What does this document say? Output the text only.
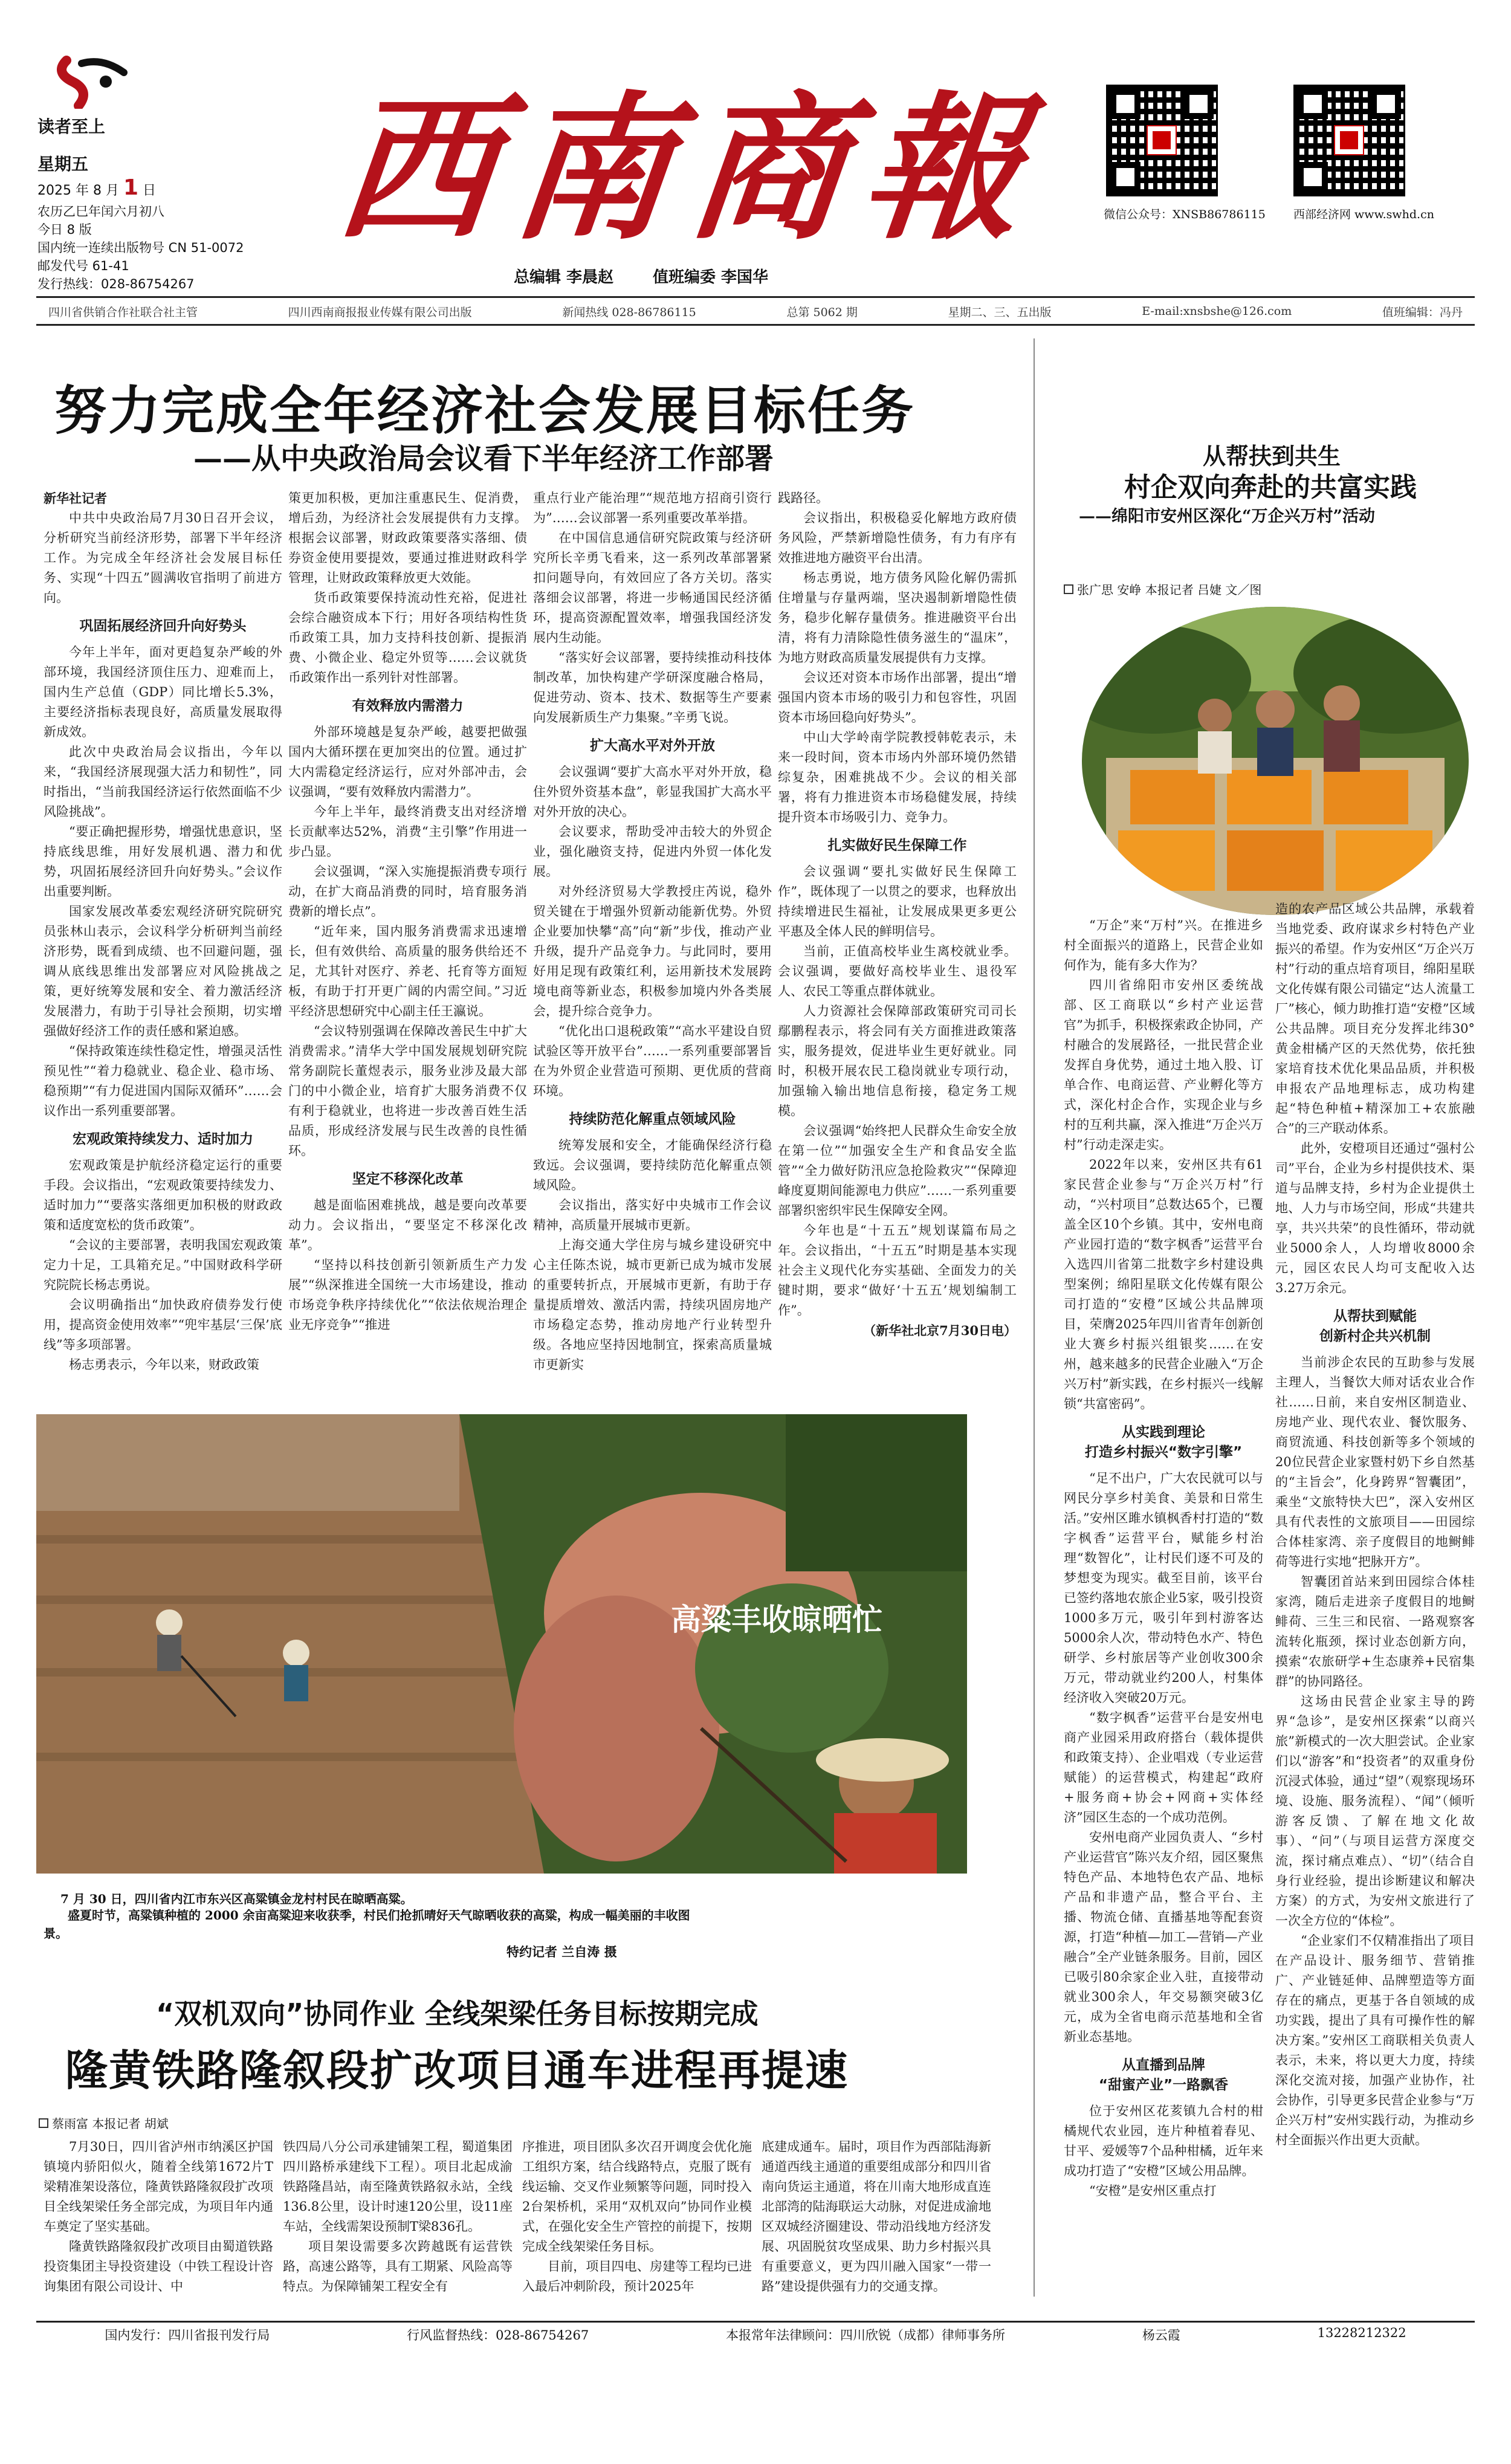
读者至上
星期五
2025 年 8 月 1 日
农历乙巳年闰六月初八
今日 8 版
国内统一连续出版物号 CN 51-0072
邮发代号 61-41
发行热线：028-86754267
西南商報
总编辑 李晨赵 值班编委 李国华
微信公众号：XNSB86786115 西部经济网 www.swhd.cn
四川省供销合作社联合社主管	四川西南商报报业传媒有限公司出版	新闻热线 028-86786115	总第 5062 期	星期二、三、五出版	E-mail:xnsbshe@126.com	值班编辑：冯丹
努力完成全年经济社会发展目标任务
——从中央政治局会议看下半年经济工作部署

新华社记者

中共中央政治局7月30日召开会议，分析研究当前经济形势，部署下半年经济工作。为完成全年经济社会发展目标任务、实现“十四五”圆满收官指明了前进方向。

巩固拓展经济回升向好势头

今年上半年，面对更趋复杂严峻的外部环境，我国经济顶住压力、迎难而上，国内生产总值（GDP）同比增长5.3%，主要经济指标表现良好，高质量发展取得新成效。

此次中央政治局会议指出，今年以来，“我国经济展现强大活力和韧性”，同时指出，“当前我国经济运行依然面临不少风险挑战”。

“要正确把握形势，增强忧患意识，坚持底线思维，用好发展机遇、潜力和优势，巩固拓展经济回升向好势头。”会议作出重要判断。

国家发展改革委宏观经济研究院研究员张林山表示，会议科学分析研判当前经济形势，既看到成绩、也不回避问题，强调从底线思维出发部署应对风险挑战之策，更好统筹发展和安全、着力激活经济发展潜力，有助于引导社会预期，切实增强做好经济工作的责任感和紧迫感。

“保持政策连续性稳定性，增强灵活性预见性”“着力稳就业、稳企业、稳市场、稳预期”“有力促进国内国际双循环”……会议作出一系列重要部署。

宏观政策持续发力、适时加力

宏观政策是护航经济稳定运行的重要手段。会议指出，“宏观政策要持续发力、适时加力”“要落实落细更加积极的财政政策和适度宽松的货币政策”。

“会议的主要部署，表明我国宏观政策定力十足，工具箱充足。”中国财政科学研究院院长杨志勇说。

会议明确指出“加快政府债券发行使用，提高资金使用效率”“兜牢基层‘三保’底线”等多项部署。

杨志勇表示，今年以来，财政政策

策更加积极，更加注重惠民生、促消费，增后劲，为经济社会发展提供有力支撑。根据会议部署，财政政策要落实落细、债券资金使用要提效，要通过推进财政科学管理，让财政政策释放更大效能。

货币政策要保持流动性充裕，促进社会综合融资成本下行；用好各项结构性货币政策工具，加力支持科技创新、提振消费、小微企业、稳定外贸等……会议就货币政策作出一系列针对性部署。

有效释放内需潜力

外部环境越是复杂严峻，越要把做强国内大循环摆在更加突出的位置。通过扩大内需稳定经济运行，应对外部冲击，会议强调，“要有效释放内需潜力”。

今年上半年，最终消费支出对经济增长贡献率达52%，消费“主引擎”作用进一步凸显。

会议强调，“深入实施提振消费专项行动，在扩大商品消费的同时，培育服务消费新的增长点”。

“近年来，国内服务消费需求迅速增长，但有效供给、高质量的服务供给还不足，尤其针对医疗、养老、托育等方面短板，有助于打开更广阔的内需空间。”习近平经济思想研究中心副主任王瀛说。

“会议特别强调在保障改善民生中扩大消费需求。”清华大学中国发展规划研究院常务副院长董煜表示，服务业涉及最大部门的中小微企业，培育扩大服务消费不仅有利于稳就业，也将进一步改善百姓生活品质，形成经济发展与民生改善的良性循环。

坚定不移深化改革

越是面临困难挑战，越是要向改革要动力。会议指出，“要坚定不移深化改革”。

“坚持以科技创新引领新质生产力发展”“纵深推进全国统一大市场建设，推动市场竞争秩序持续优化”“依法依规治理企业无序竞争”“推进

重点行业产能治理”“规范地方招商引资行为”……会议部署一系列重要改革举措。

在中国信息通信研究院政策与经济研究所长辛勇飞看来，这一系列改革部署紧扣问题导向，有效回应了各方关切。落实落细会议部署，将进一步畅通国民经济循环，提高资源配置效率，增强我国经济发展内生动能。

“落实好会议部署，要持续推动科技体制改革，加快构建产学研深度融合格局，促进劳动、资本、技术、数据等生产要素向发展新质生产力集聚。”辛勇飞说。

扩大高水平对外开放

会议强调“要扩大高水平对外开放，稳住外贸外资基本盘”，彰显我国扩大高水平对外开放的决心。

会议要求，帮助受冲击较大的外贸企业，强化融资支持，促进内外贸一体化发展。

对外经济贸易大学教授庄芮说，稳外贸关键在于增强外贸新动能新优势。外贸企业要加快攀“高”向“新”步伐，推动产业升级，提升产品竞争力。与此同时，要用好用足现有政策红利，运用新技术发展跨境电商等新业态，积极参加境内外各类展会，提升综合竞争力。

“优化出口退税政策”“高水平建设自贸试验区等开放平台”……一系列重要部署旨在为外贸企业营造可预期、更优质的营商环境。

持续防范化解重点领域风险

统筹发展和安全，才能确保经济行稳致远。会议强调，要持续防范化解重点领域风险。

会议指出，落实好中央城市工作会议精神，高质量开展城市更新。

上海交通大学住房与城乡建设研究中心主任陈杰说，城市更新已成为城市发展的重要转折点，开展城市更新，有助于存量提质增效、激活内需，持续巩固房地产市场稳定态势，推动房地产行业转型升级。各地应坚持因地制宜，探索高质量城市更新实

践路径。

会议指出，积极稳妥化解地方政府债务风险，严禁新增隐性债务，有力有序有效推进地方融资平台出清。

杨志勇说，地方债务风险化解仍需抓住增量与存量两端，坚决遏制新增隐性债务，稳步化解存量债务。推进融资平台出清，将有力清除隐性债务滋生的“温床”，为地方财政高质量发展提供有力支撑。

会议还对资本市场作出部署，提出“增强国内资本市场的吸引力和包容性，巩固资本市场回稳向好势头”。

中山大学岭南学院教授韩乾表示，未来一段时间，资本市场内外部环境仍然错综复杂，困难挑战不少。会议的相关部署，将有力推进资本市场稳健发展，持续提升资本市场吸引力、竞争力。

扎实做好民生保障工作

会议强调“要扎实做好民生保障工作”，既体现了一以贯之的要求，也释放出持续增进民生福祉，让发展成果更多更公平惠及全体人民的鲜明信号。

当前，正值高校毕业生离校就业季。会议强调，要做好高校毕业生、退役军人、农民工等重点群体就业。

人力资源社会保障部政策研究司司长鄢鹏程表示，将会同有关方面推进政策落实，服务提效，促进毕业生更好就业。同时，积极开展农民工稳岗就业专项行动，加强输入输出地信息衔接，稳定务工规模。

会议强调“始终把人民群众生命安全放在第一位”“加强安全生产和食品安全监管”“全力做好防汛应急抢险救灾”“保障迎峰度夏期间能源电力供应”……一系列重要部署织密织牢民生保障安全网。

今年也是“十五五”规划谋篇布局之年。会议指出，“十五五”时期是基本实现社会主义现代化夯实基础、全面发力的关键时期，要求“做好‘十五五’规划编制工作”。

（新华社北京7月30日电）

从帮扶到共生
村企双向奔赴的共富实践
——绵阳市安州区深化“万企兴万村”活动
张广思 安峥 本报记者 吕婕 文／图

“万企”来“万村”兴。在推进乡村全面振兴的道路上，民营企业如何作为，能有多大作为？

四川省绵阳市安州区委统战部、区工商联以“乡村产业运营官”为抓手，积极探索政企协同，产村融合的发展路径，一批民营企业发挥自身优势，通过土地入股、订单合作、电商运营、产业孵化等方式，深化村企合作，实现企业与乡村的互利共赢，深入推进“万企兴万村”行动走深走实。

2022年以来，安州区共有61家民营企业参与“万企兴万村”行动，“兴村项目”总数达65个，已覆盖全区10个乡镇。其中，安州电商产业园打造的“数字枫香”运营平台入选四川省第二批数字乡村建设典型案例；绵阳星联文化传媒有限公司打造的“安橙”区域公共品牌项目，荣膺2025年四川省青年创新创业大赛乡村振兴组银奖……在安州，越来越多的民营企业融入“万企兴万村”新实践，在乡村振兴一线解锁“共富密码”。

从实践到理论
打造乡村振兴“数字引擎”

“足不出户，广大农民就可以与网民分享乡村美食、美景和日常生活。”安州区雎水镇枫香村打造的“数字枫香”运营平台，赋能乡村治理“数智化”，让村民们逐不可及的梦想变为现实。截至目前，该平台已签约落地农旅企业5家，吸引投资1000多万元，吸引年到村游客达5000余人次，带动特色水产、特色研学、乡村旅居等产业创收300余万元，带动就业约200人，村集体经济收入突破20万元。

“数字枫香”运营平台是安州电商产业园采用政府搭台（载体提供和政策支持）、企业唱戏（专业运营赋能）的运营模式，构建起“政府+服务商+协会+网商+实体经济”园区生态的一个成功范例。

安州电商产业园负责人、“乡村产业运营官”陈兴友介绍，园区聚焦特色产品、本地特色农产品、地标产品和非遗产品，整合平台、主播、物流仓储、直播基地等配套资源，打造“种植—加工—营销—产业融合”全产业链条服务。目前，园区已吸引80余家企业入驻，直接带动就业300余人，年交易额突破3亿元，成为全省电商示范基地和全省新业态基地。

从直播到品牌
“甜蜜产业”一路飘香

位于安州区花荄镇九合村的柑橘规代农业园，连片种植着春见、甘平、爱媛等7个品种柑橘，近年来成功打造了“安橙”区域公用品牌。

“安橙”是安州区重点打

造的农产品区域公共品牌，承载着当地党委、政府谋求乡村特色产业振兴的希望。作为安州区“万企兴万村”行动的重点培育项目，绵阳星联文化传媒有限公司锚定“达人流量工厂”核心，倾力助推打造“安橙”区域公共品牌。项目充分发挥北纬30°黄金柑橘产区的天然优势，依托独家培育技术优化果品品质，并积极申报农产品地理标志，成功构建起“特色种植+精深加工+农旅融合”的三产联动体系。

此外，安橙项目还通过“强村公司”平台，企业为乡村提供技术、渠道与品牌支持，乡村为企业提供土地、人力与市场空间，形成“共建共享，共兴共荣”的良性循环，带动就业5000余人，人均增收8000余元，园区农民人均可支配收入达3.27万余元。

从帮扶到赋能
创新村企共兴机制

当前涉企农民的互助参与发展主理人，当餐饮大师对话农业合作社……日前，来自安州区制造业、房地产业、现代农业、餐饮服务、商贸流通、科技创新等多个领域的20位民营企业家暨村奶下乡自然基的“主旨会”，化身跨界“智囊团”，乘坐“文旅特快大巴”，深入安州区具有代表性的文旅项目——田园综合体桂家湾、亲子度假目的地鲥鲱荷等进行实地“把脉开方”。

智囊团首站来到田园综合体桂家湾，随后走进亲子度假目的地鲥鲱荷、三生三和民宿、一路观察客流转化瓶颈，探讨业态创新方向，摸索“农旅研学+生态康养+民宿集群”的协同路径。

这场由民营企业家主导的跨界“急诊”，是安州区探索“以商兴旅”新模式的一次大胆尝试。企业家们以“游客”和“投资者”的双重身份沉浸式体验，通过“望”（观察现场环境、设施、服务流程）、“闻”（倾听游客反馈、了解在地文化故事）、“问”（与项目运营方深度交流，探讨痛点难点）、“切”（结合自身行业经验，提出诊断建议和解决方案）的方式，为安州文旅进行了一次全方位的“体检”。

“企业家们不仅精准指出了项目在产品设计、服务细节、营销推广、产业链延伸、品牌塑造等方面存在的痛点，更基于各自领域的成功实践，提出了具有可操作性的解决方案。”安州区工商联相关负责人表示，未来，将以更大力度，持续深化交流对接，加强产业协作，社会协作，引导更多民营企业参与“万企兴万村”安州实践行动，为推动乡村全面振兴作出更大贡献。

高粱丰收晾晒忙
7 月 30 日，四川省内江市东兴区高粱镇金龙村村民在晾晒高粱。
盛夏时节，高粱镇种植的 2000 余亩高粱迎来收获季，村民们抢抓晴好天气晾晒收获的高粱，构成一幅美丽的丰收图景。
特约记者 兰自涛 摄
“双机双向”协同作业 全线架梁任务目标按期完成
隆黄铁路隆叙段扩改项目通车进程再提速
蔡雨富 本报记者 胡斌

7月30日，四川省泸州市纳溪区护国镇境内骄阳似火，随着全线第1672片T梁精准架设落位，隆黄铁路隆叙段扩改项目全线架梁任务全部完成，为项目年内通车奠定了坚实基础。

隆黄铁路隆叙段扩改项目由蜀道铁路投资集团主导投资建设（中铁工程设计咨询集团有限公司设计、中

铁四局八分公司承建铺架工程，蜀道集团四川路桥承建线下工程）。项目北起成渝铁路隆昌站，南至隆黄铁路叙永站，全线136.8公里，设计时速120公里，设11座车站，全线需架设预制T梁836孔。

项目架设需要多次跨越既有运营铁路，高速公路等，具有工期紧、风险高等特点。为保障铺架工程安全有

序推进，项目团队多次召开调度会优化施工组织方案，结合线路特点，克服了既有线运输、交叉作业频繁等问题，同时投入2台架桥机，采用“双机双向”协同作业模式，在强化安全生产管控的前提下，按期完成全线架梁任务目标。

目前，项目四电、房建等工程均已进入最后冲刺阶段，预计2025年

底建成通车。届时，项目作为西部陆海新通道西线主通道的重要组成部分和四川省南向货运主通道，将在川南大地形成直连北部湾的陆海联运大动脉，对促进成渝地区双城经济圈建设、带动沿线地方经济发展、巩固脱贫攻坚成果、助力乡村振兴具有重要意义，更为四川融入国家“一带一路”建设提供强有力的交通支撑。

国内发行：四川省报刊发行局	行风监督热线：028-86754267	本报常年法律顾问：四川欣锐（成都）律师事务所	杨云霞	13228212322
